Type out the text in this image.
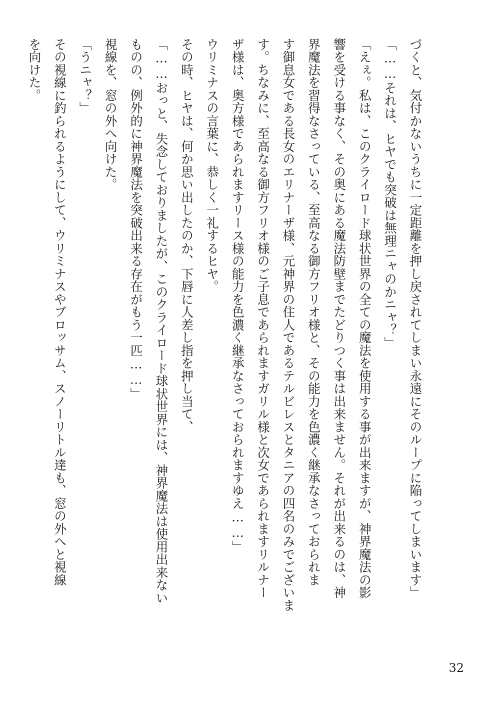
づくと、気付かないうちに一定距離を押し戻されてしまい永遠にそのループに陥ってしまいます」
「……それは、ヒヤでも突破は無理ニャのかニャ？」
「えぇ。私は、このクライロード球状世界の全ての魔法を使用する事が出来ますが、神界魔法の影
響を受ける事なく、その奥にある魔法防壁までたどりつく事は出来ません。それが出来るのは、神
界魔法を習得なさっている、至高なる御方フリオ様と、その能力を色濃く継承なさっておられま
す御息女である長女のエリナーザ様、元神界の住人であるテルビレスとタニアの四名のみでございま
す。ちなみに、至高なる御方フリオ様のご子息であられますガリル様と次女であられますリルナー
ザ様は、奥方様であられますリース様の能力を色濃く継承なさっておられますゆえ……」
ウリミナスの言葉に、恭しく一礼するヒヤ。
その時、ヒヤは、何か思い出したのか、下唇に人差し指を押し当て、
「……おっと、失念しておりましたが、このクライロード球状世界には、神界魔法は使用出来ない
ものの、例外的に神界魔法を突破出来る存在がもう一匹……」
視線を、窓の外へ向けた。
「うニャ？」
その視線に釣られるようにして、ウリミナスやブロッサム、スノーリトル達も、窓の外へと視線
を向けた。
32
